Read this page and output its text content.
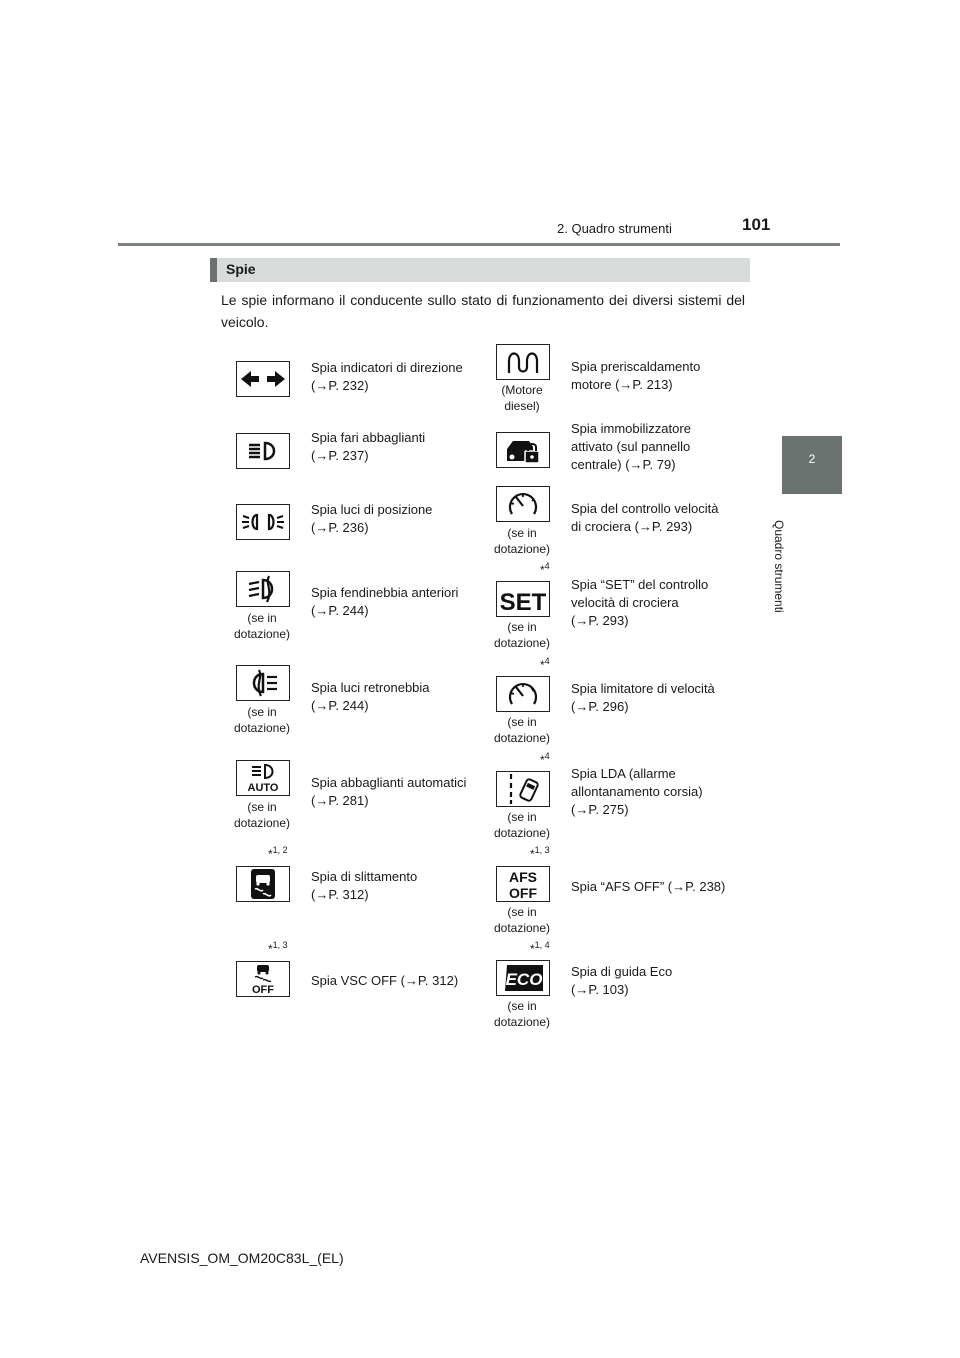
2. Quadro strumenti	101
2
Quadro strumenti
Spie
Le spie informano il conducente sullo stato di funzionamento dei diversi sistemi del veicolo.
Spia indicatori di direzione
(→P. 232)
Spia fari abbaglianti
(→P. 237)
Spia luci di posizione
(→P. 236)
(se in dotazione)
Spia fendinebbia anteriori
(→P. 244)
(se in dotazione)
Spia luci retronebbia
(→P. 244)
AUTO
(se in dotazione)
Spia abbaglianti automatici
(→P. 281)
*$^{1, 2}$
Spia di slittamento
(→P. 312)
*$^{1, 3}$
OFF
Spia VSC OFF (→P. 312)
(Motore diesel)
Spia preriscaldamento
motore (→P. 213)
Spia immobilizzatore
attivato (sul pannello
centrale) (→P. 79)
(se in dotazione)
Spia del controllo velocità
di crociera (→P. 293)
*$^4$
SET
(se in dotazione)
Spia “SET” del controllo
velocità di crociera
(→P. 293)
*$^4$
(se in dotazione)
Spia limitatore di velocità
(→P. 296)
*$^4$
(se in dotazione)
Spia LDA (allarme
allontanamento corsia)
(→P. 275)
*$^{1, 3}$
AFS
OFF
(se in dotazione)
Spia “AFS OFF” (→P. 238)
*$^{1, 4}$
ECO
(se in dotazione)
Spia di guida Eco
(→P. 103)
AVENSIS_OM_OM20C83L_(EL)
